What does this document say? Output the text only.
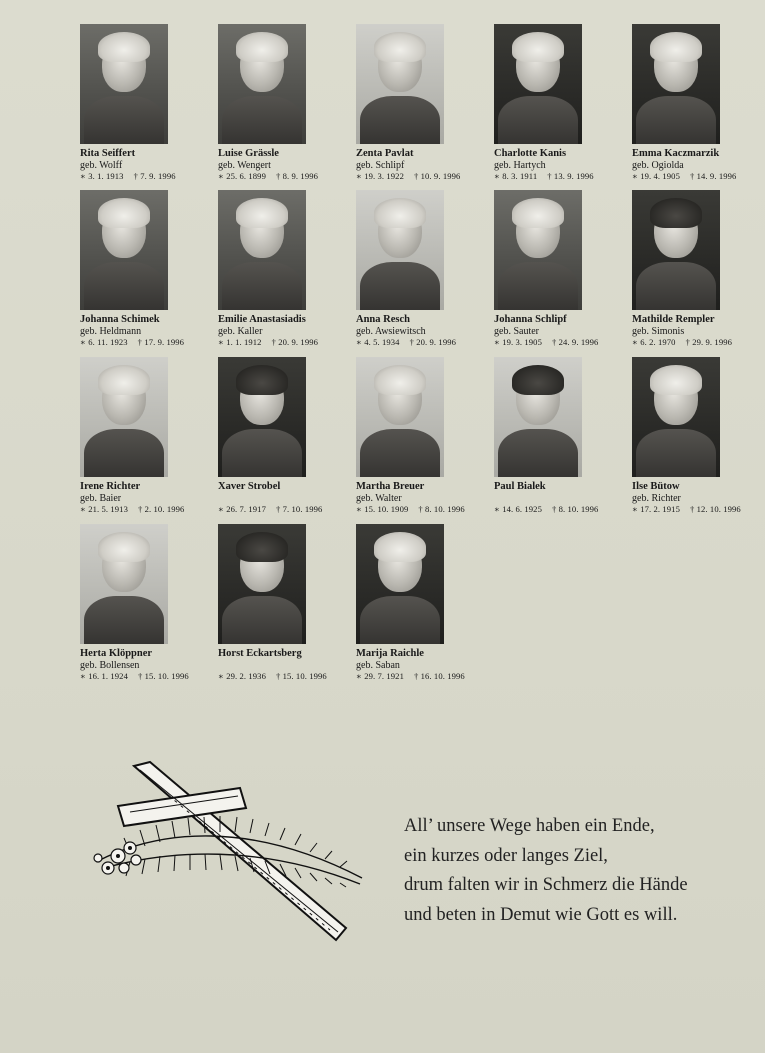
Rita Seiffert
geb. Wolff
∗ 3. 1. 1913 † 7. 9. 1996
Luise Grässle
geb. Wengert
∗ 25. 6. 1899 † 8. 9. 1996
Zenta Pavlat
geb. Schlipf
∗ 19. 3. 1922 † 10. 9. 1996
Charlotte Kanis
geb. Hartych
∗ 8. 3. 1911 † 13. 9. 1996
Emma Kaczmarzik
geb. Ogiolda
∗ 19. 4. 1905 † 14. 9. 1996
Johanna Schimek
geb. Heldmann
∗ 6. 11. 1923 † 17. 9. 1996
Emilie Anastasiadis
geb. Kaller
∗ 1. 1. 1912 † 20. 9. 1996
Anna Resch
geb. Awsiewitsch
∗ 4. 5. 1934 † 20. 9. 1996
Johanna Schlipf
geb. Sauter
∗ 19. 3. 1905 † 24. 9. 1996
Mathilde Rempler
geb. Simonis
∗ 6. 2. 1970 † 29. 9. 1996
Irene Richter
geb. Baier
∗ 21. 5. 1913 † 2. 10. 1996
Xaver Strobel

∗ 26. 7. 1917 † 7. 10. 1996
Martha Breuer
geb. Walter
∗ 15. 10. 1909 † 8. 10. 1996
Paul Bialek

∗ 14. 6. 1925 † 8. 10. 1996
Ilse Bütow
geb. Richter
∗ 17. 2. 1915 † 12. 10. 1996
Herta Klöppner
geb. Bollensen
∗ 16. 1. 1924 † 15. 10. 1996
Horst Eckartsberg

∗ 29. 2. 1936 † 15. 10. 1996
Marija Raichle
geb. Saban
∗ 29. 7. 1921 † 16. 10. 1996
All’ unsere Wege haben ein Ende,
ein kurzes oder langes Ziel,
drum falten wir in Schmerz die Hände
und beten in Demut wie Gott es will.
